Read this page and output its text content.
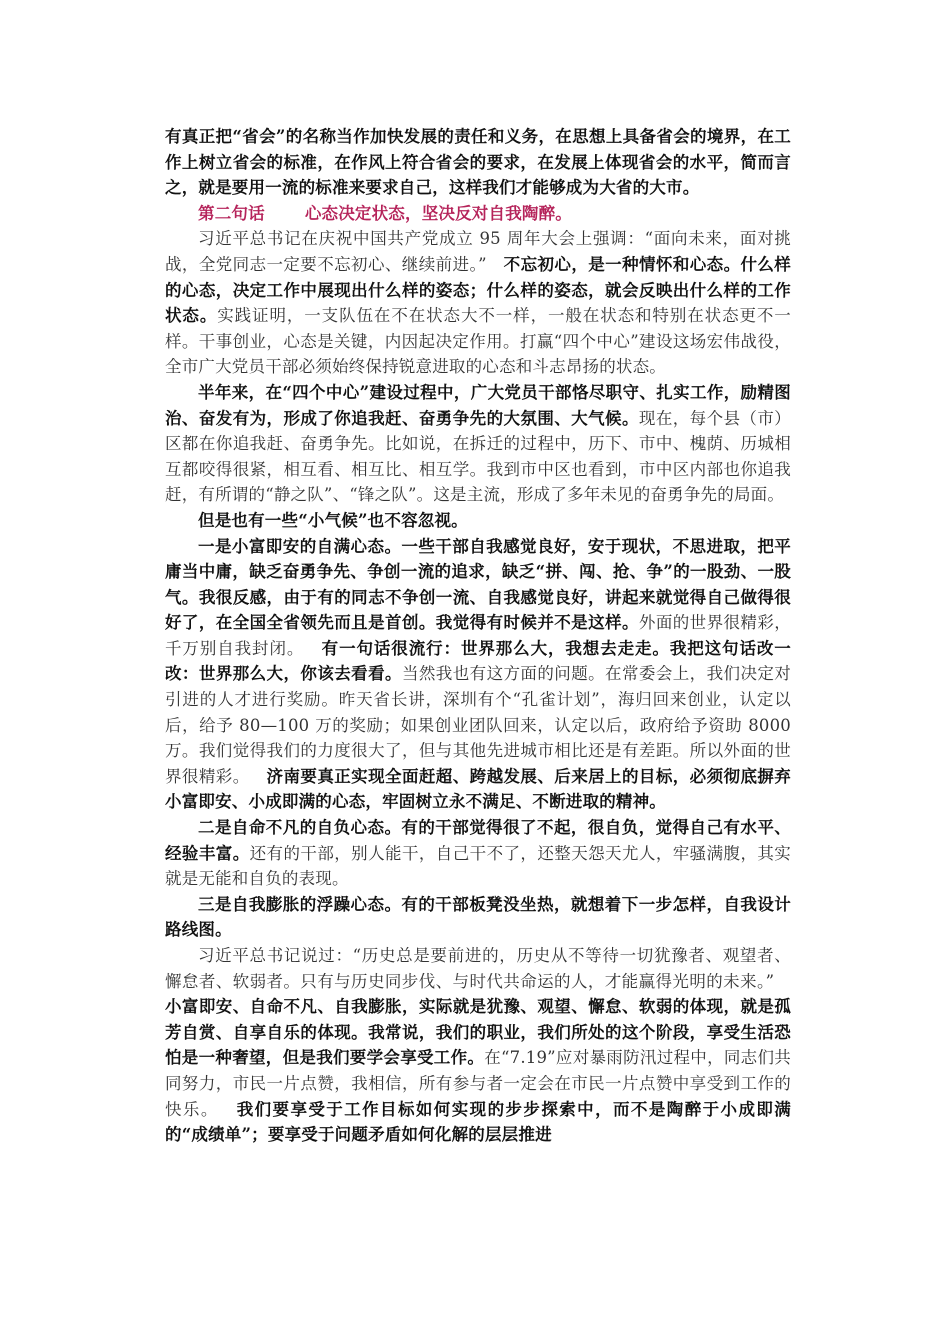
有真正把“省会”的名称当作加快发展的责任和义务，在思想上具备省会的境界，在工作上树立省会的标准，在作风上符合省会的要求，在发展上体现省会的水平，简而言之，就是要用一流的标准来要求自己，这样我们才能够成为大省的大市。

第二句话 心态决定状态，坚决反对自我陶醉。

习近平总书记在庆祝中国共产党成立 95 周年大会上强调：“面向未来，面对挑战，全党同志一定要不忘初心、继续前进。”  不忘初心，是一种情怀和心态。什么样的心态，决定工作中展现出什么样的姿态；什么样的姿态，就会反映出什么样的工作状态。实践证明，一支队伍在不在状态大不一样，一般在状态和特别在状态更不一样。干事创业，心态是关键，内因起决定作用。打赢“四个中心”建设这场宏伟战役，全市广大党员干部必须始终保持锐意进取的心态和斗志昂扬的状态。

半年来，在“四个中心”建设过程中，广大党员干部恪尽职守、扎实工作，励精图治、奋发有为，形成了你追我赶、奋勇争先的大氛围、大气候。现在，每个县（市）区都在你追我赶、奋勇争先。比如说，在拆迁的过程中，历下、市中、槐荫、历城相互都咬得很紧，相互看、相互比、相互学。我到市中区也看到，市中区内部也你追我赶，有所谓的“静之队”、“锋之队”。这是主流，形成了多年未见的奋勇争先的局面。

但是也有一些“小气候”也不容忽视。

一是小富即安的自满心态。一些干部自我感觉良好，安于现状，不思进取，把平庸当中庸，缺乏奋勇争先、争创一流的追求，缺乏“拼、闯、抢、争”的一股劲、一股气。我很反感，由于有的同志不争创一流、自我感觉良好，讲起来就觉得自己做得很好了，在全国全省领先而且是首创。我觉得有时候并不是这样。外面的世界很精彩，千万别自我封闭。  有一句话很流行：世界那么大，我想去走走。我把这句话改一改：世界那么大，你该去看看。当然我也有这方面的问题。在常委会上，我们决定对引进的人才进行奖励。昨天省长讲，深圳有个“孔雀计划”，海归回来创业，认定以后，给予 80—100 万的奖励；如果创业团队回来，认定以后，政府给予资助 8000 万。我们觉得我们的力度很大了，但与其他先进城市相比还是有差距。所以外面的世界很精彩。  济南要真正实现全面赶超、跨越发展、后来居上的目标，必须彻底摒弃小富即安、小成即满的心态，牢固树立永不满足、不断进取的精神。

二是自命不凡的自负心态。有的干部觉得很了不起，很自负，觉得自己有水平、经验丰富。还有的干部，别人能干，自己干不了，还整天怨天尤人，牢骚满腹，其实就是无能和自负的表现。

三是自我膨胀的浮躁心态。有的干部板凳没坐热，就想着下一步怎样，自我设计路线图。

习近平总书记说过：“历史总是要前进的，历史从不等待一切犹豫者、观望者、懈怠者、软弱者。只有与历史同步伐、与时代共命运的人，才能赢得光明的未来。” 小富即安、自命不凡、自我膨胀，实际就是犹豫、观望、懈怠、软弱的体现，就是孤芳自赏、自享自乐的体现。我常说，我们的职业，我们所处的这个阶段，享受生活恐怕是一种奢望，但是我们要学会享受工作。在“7.19”应对暴雨防汛过程中，同志们共同努力，市民一片点赞，我相信，所有参与者一定会在市民一片点赞中享受到工作的快乐。  我们要享受于工作目标如何实现的步步探索中，而不是陶醉于小成即满的“成绩单”；要享受于问题矛盾如何化解的层层推进
